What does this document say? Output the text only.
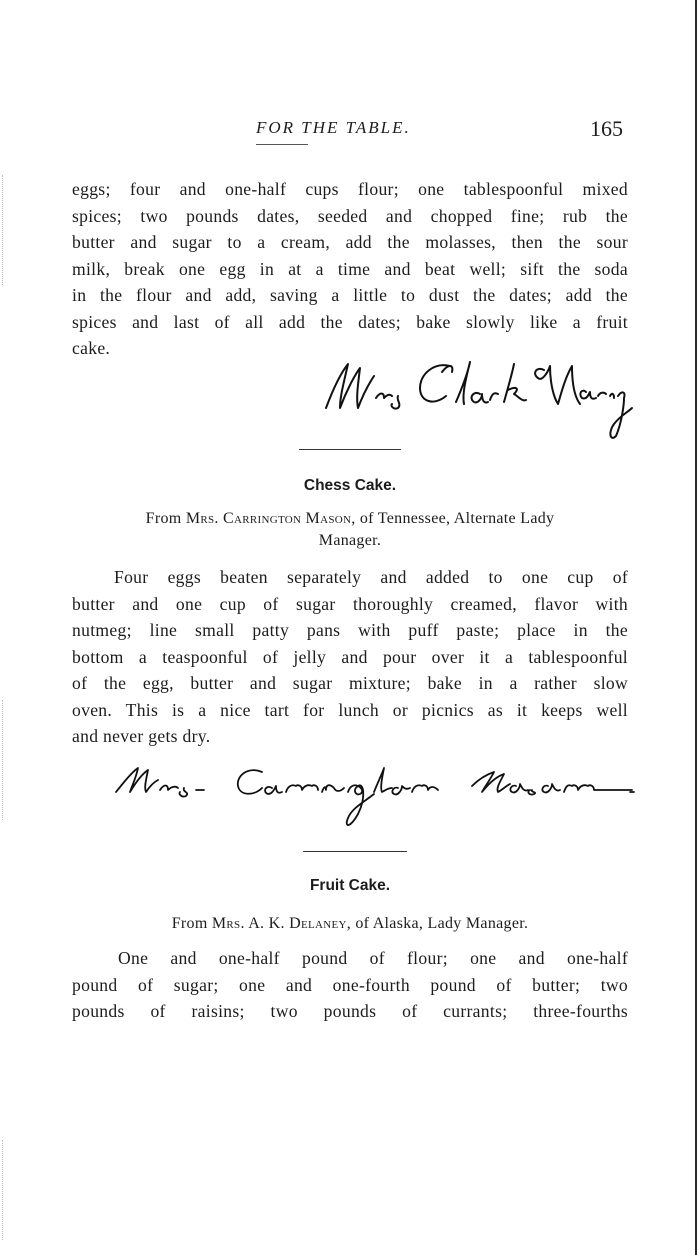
FOR THE TABLE.	165
eggs; four and one-half cups flour; one tablespoonful mixed
spices; two pounds dates, seeded and chopped fine; rub the
butter and sugar to a cream, add the molasses, then the sour
milk, break one egg in at a time and beat well; sift the soda
in the flour and add, saving a little to dust the dates; add the
spices and last of all add the dates; bake slowly like a fruit
cake.
Chess Cake.
From Mrs. Carrington Mason, of Tennessee, Alternate Lady
Manager.
Four eggs beaten separately and added to one cup of
butter and one cup of sugar thoroughly creamed, flavor with
nutmeg; line small patty pans with puff paste; place in the
bottom a teaspoonful of jelly and pour over it a tablespoonful
of the egg, butter and sugar mixture; bake in a rather slow
oven. This is a nice tart for lunch or picnics as it keeps well
and never gets dry.
Fruit Cake.
From Mrs. A. K. Delaney, of Alaska, Lady Manager.
One and one-half pound of flour; one and one-half
pound of sugar; one and one-fourth pound of butter; two
pounds of raisins; two pounds of currants; three-fourths
